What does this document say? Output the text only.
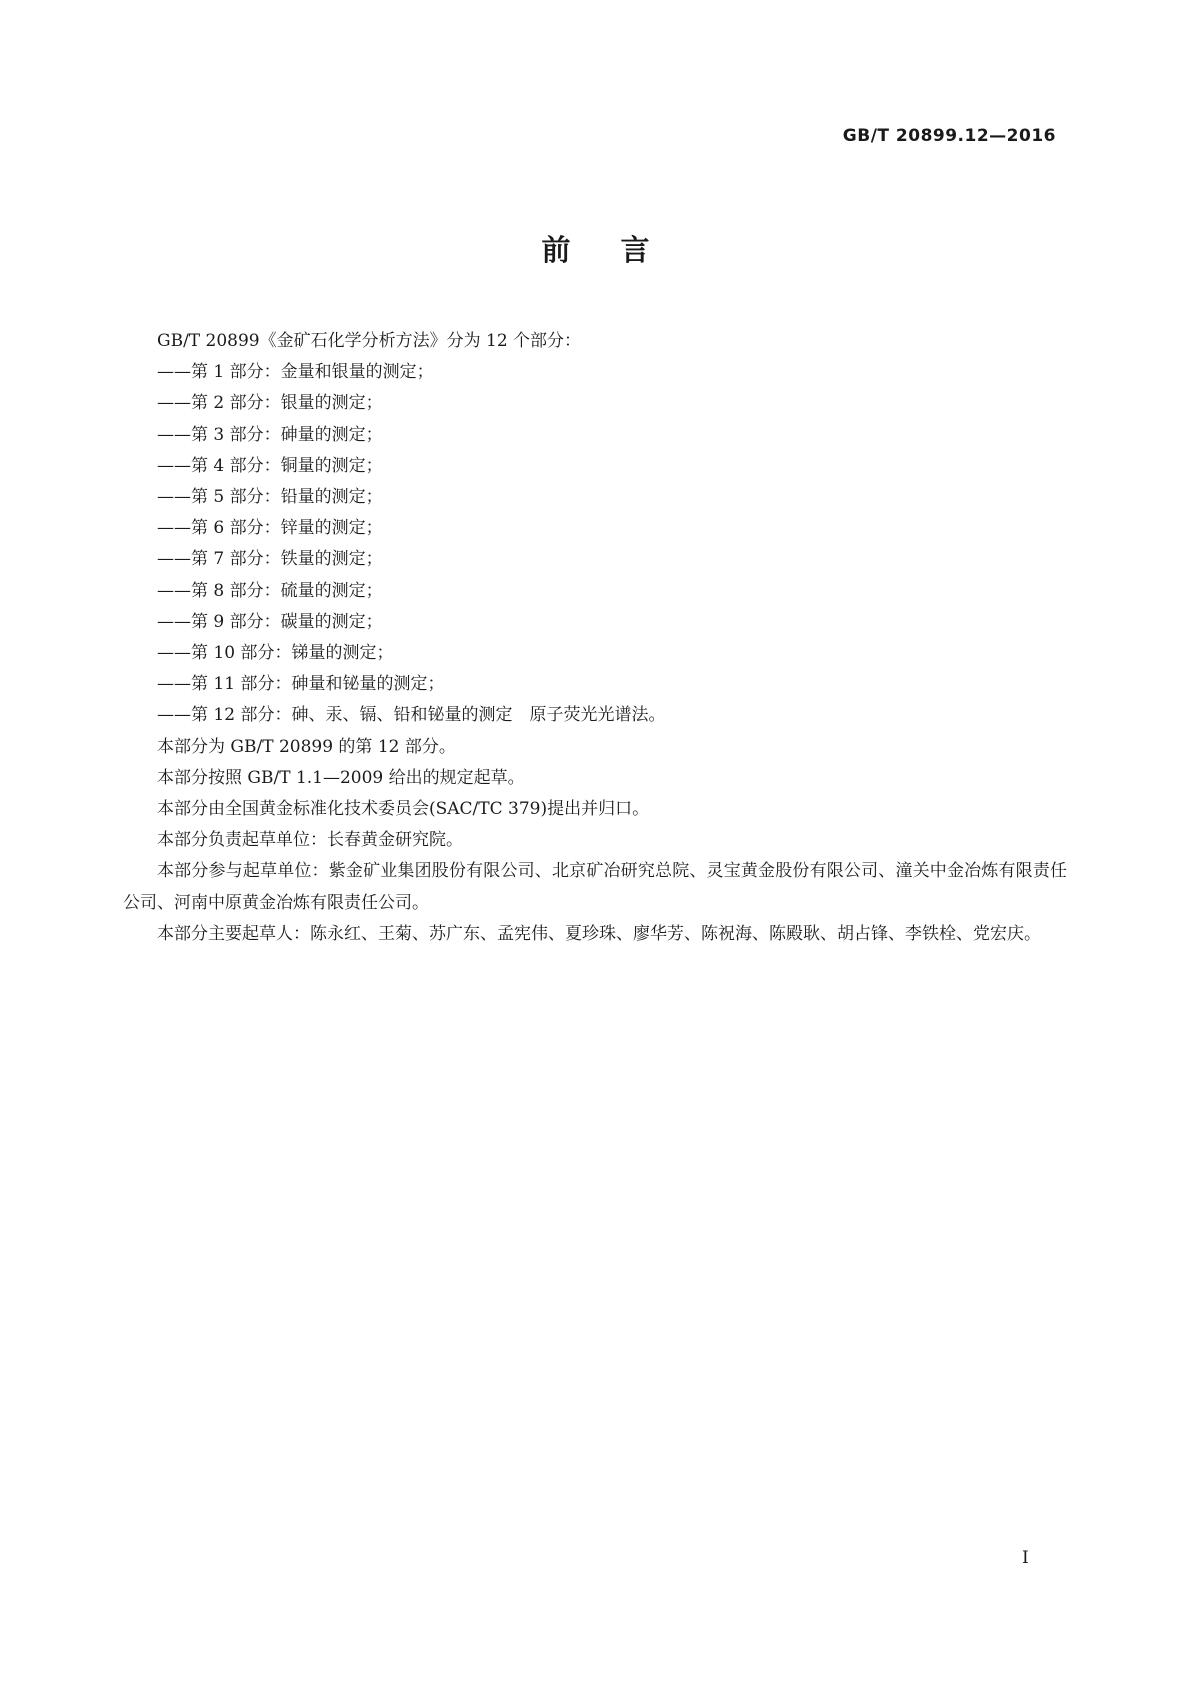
GB/T 20899.12—2016
前言

GB/T 20899《金矿石化学分析方法》分为 12 个部分：

——第 1 部分：金量和银量的测定；
——第 2 部分：银量的测定；
——第 3 部分：砷量的测定；
——第 4 部分：铜量的测定；
——第 5 部分：铅量的测定；
——第 6 部分：锌量的测定；
——第 7 部分：铁量的测定；
——第 8 部分：硫量的测定；
——第 9 部分：碳量的测定；
——第 10 部分：锑量的测定；
——第 11 部分：砷量和铋量的测定；
——第 12 部分：砷、汞、镉、铅和铋量的测定　原子荧光光谱法。

本部分为 GB/T 20899 的第 12 部分。

本部分按照 GB/T 1.1—2009 给出的规定起草。

本部分由全国黄金标准化技术委员会(SAC/TC 379)提出并归口。

本部分负责起草单位：长春黄金研究院。

本部分参与起草单位：紫金矿业集团股份有限公司、北京矿冶研究总院、灵宝黄金股份有限公司、潼关中金冶炼有限责任公司、河南中原黄金冶炼有限责任公司。

本部分主要起草人：陈永红、王菊、苏广东、孟宪伟、夏珍珠、廖华芳、陈祝海、陈殿耿、胡占锋、李铁栓、党宏庆。

I
